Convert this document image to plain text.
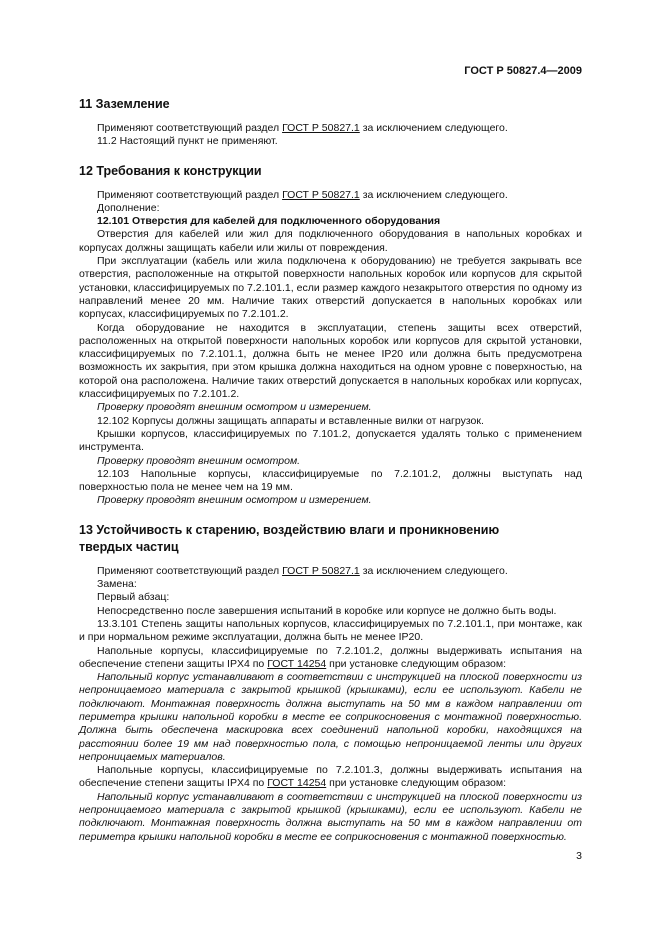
ГОСТ Р 50827.4—2009
11 Заземление

Применяют соответствующий раздел ГОСТ Р 50827.1 за исключением следующего.

11.2 Настоящий пункт не применяют.

12 Требования к конструкции

Применяют соответствующий раздел ГОСТ Р 50827.1 за исключением следующего.

Дополнение:

12.101 Отверстия для кабелей для подключенного оборудования

Отверстия для кабелей или жил для подключенного оборудования в напольных коробках и корпусах должны защищать кабели или жилы от повреждения.

При эксплуатации (кабель или жила подключена к оборудованию) не требуется закрывать все отверстия, расположенные на открытой поверхности напольных коробок или корпусов для скрытой установки, классифицируемых по 7.2.101.1, если размер каждого незакрытого отверстия по одному из направлений менее 20 мм. Наличие таких отверстий допускается в напольных коробках или корпусах, классифицируемых по 7.2.101.2.

Когда оборудование не находится в эксплуатации, степень защиты всех отверстий, расположенных на открытой поверхности напольных коробок или корпусов для скрытой установки, классифицируемых по 7.2.101.1, должна быть не менее IP20 или должна быть предусмотрена возможность их закрытия, при этом крышка должна находиться на одном уровне с поверхностью, на которой она расположена. Наличие таких отверстий допускается в напольных коробках или корпусах, классифицируемых по 7.2.101.2.

Проверку проводят внешним осмотром и измерением.

12.102 Корпусы должны защищать аппараты и вставленные вилки от нагрузок.

Крышки корпусов, классифицируемых по 7.101.2, допускается удалять только с применением инструмента.

Проверку проводят внешним осмотром.

12.103 Напольные корпусы, классифицируемые по 7.2.101.2, должны выступать над поверхностью пола не менее чем на 19 мм.

Проверку проводят внешним осмотром и измерением.

13 Устойчивость к старению, воздействию влаги и проникновению
твердых частиц

Применяют соответствующий раздел ГОСТ Р 50827.1 за исключением следующего.

Замена:

Первый абзац:

Непосредственно после завершения испытаний в коробке или корпусе не должно быть воды.

13.3.101 Степень защиты напольных корпусов, классифицируемых по 7.2.101.1, при монтаже, как и при нормальном режиме эксплуатации, должна быть не менее IP20.

Напольные корпусы, классифицируемые по 7.2.101.2, должны выдерживать испытания на обеспечение степени защиты IPX4 по ГОСТ 14254 при установке следующим образом:

Напольный корпус устанавливают в соответствии с инструкцией на плоской поверхности из непроницаемого материала с закрытой крышкой (крышками), если ее используют. Кабели не подключают. Монтажная поверхность должна выступать на 50 мм в каждом направлении от периметра крышки напольной коробки в месте ее соприкосновения с монтажной поверхностью. Должна быть обеспечена маскировка всех соединений напольной коробки, находящихся на расстоянии более 19 мм над поверхностью пола, с помощью непроницаемой ленты или других непроницаемых материалов.

Напольные корпусы, классифицируемые по 7.2.101.3, должны выдерживать испытания на обеспечение степени защиты IPX4 по ГОСТ 14254 при установке следующим образом:

Напольный корпус устанавливают в соответствии с инструкцией на плоской поверхности из непроницаемого материала с закрытой крышкой (крышками), если ее используют. Кабели не подключают. Монтажная поверхность должна выступать на 50 мм в каждом направлении от периметра крышки напольной коробки в месте ее соприкосновения с монтажной поверхностью.

3
